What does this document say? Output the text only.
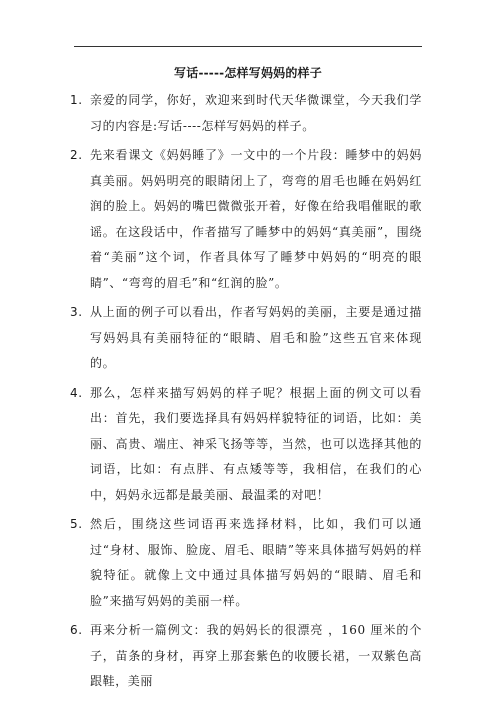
写话-----怎样写妈妈的样子
1. 亲爱的同学，你好，欢迎来到时代天华微课堂，今天我们学习的内容是:写话----怎样写妈妈的样子。
2. 先来看课文《妈妈睡了》一文中的一个片段：睡梦中的妈妈真美丽。妈妈明亮的眼睛闭上了，弯弯的眉毛也睡在妈妈红润的脸上。妈妈的嘴巴微微张开着，好像在给我唱催眠的歌谣。在这段话中，作者描写了睡梦中的妈妈“真美丽”，围绕着“美丽”这个词，作者具体写了睡梦中妈妈的“明亮的眼睛”、“弯弯的眉毛”和“红润的脸”。
3. 从上面的例子可以看出，作者写妈妈的美丽，主要是通过描写妈妈具有美丽特征的“眼睛、眉毛和脸”这些五官来体现的。
4. 那么，怎样来描写妈妈的样子呢？根据上面的例文可以看出：首先，我们要选择具有妈妈样貌特征的词语，比如：美丽、高贵、端庄、神采飞扬等等，当然，也可以选择其他的词语，比如：有点胖、有点矮等等，我相信，在我们的心中，妈妈永远都是最美丽、最温柔的对吧！
5. 然后，围绕这些词语再来选择材料，比如，我们可以通过“身材、服饰、脸庞、眉毛、眼睛”等来具体描写妈妈的样貌特征。就像上文中通过具体描写妈妈的“眼睛、眉毛和脸”来描写妈妈的美丽一样。
6. 再来分析一篇例文：我的妈妈长的很漂亮 ，160 厘米的个子，苗条的身材，再穿上那套紫色的收腰长裙，一双紫色高跟鞋，美丽
